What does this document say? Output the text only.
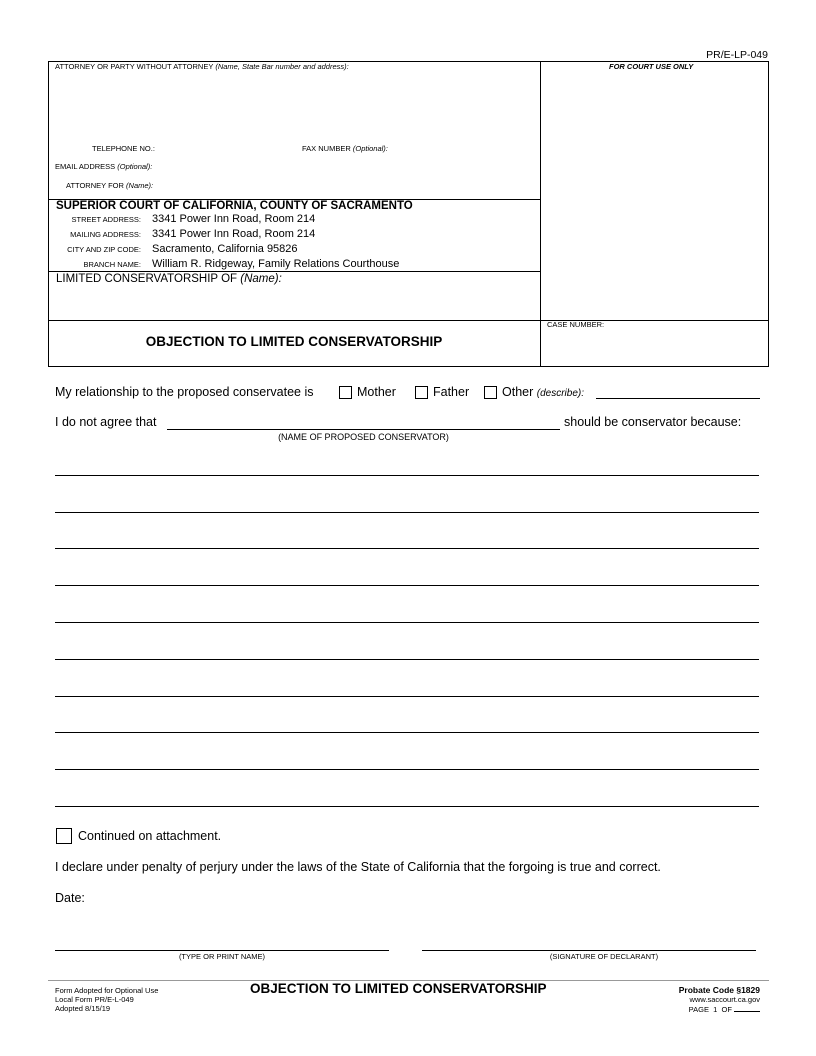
PR/E-LP-049
ATTORNEY OR PARTY WITHOUT ATTORNEY (Name, State Bar number and address):	FOR COURT USE ONLY
TELEPHONE NO.:	FAX NUMBER (Optional):
EMAIL ADDRESS (Optional):
ATTORNEY FOR (Name):
SUPERIOR COURT OF CALIFORNIA, COUNTY OF SACRAMENTO
STREET ADDRESS: 3341 Power Inn Road, Room 214
MAILING ADDRESS: 3341 Power Inn Road, Room 214
CITY AND ZIP CODE: Sacramento, California 95826
BRANCH NAME: William R. Ridgeway, Family Relations Courthouse
LIMITED CONSERVATORSHIP OF (Name):
CASE NUMBER:
OBJECTION TO LIMITED CONSERVATORSHIP
My relationship to the proposed conservatee is	Mother	Father	Other (describe):
I do not agree that	should be conservator because:
(NAME OF PROPOSED CONSERVATOR)
Continued on attachment.
I declare under penalty of perjury under the laws of the State of California that the forgoing is true and correct.
Date:
(TYPE OR PRINT NAME)	(SIGNATURE OF DECLARANT)
Form Adopted for Optional Use
Local Form PR/E-L-049
Adopted 8/15/19
OBJECTION TO LIMITED CONSERVATORSHIP	Probate Code §1829
www.saccourt.ca.gov
PAGE 1 OF
